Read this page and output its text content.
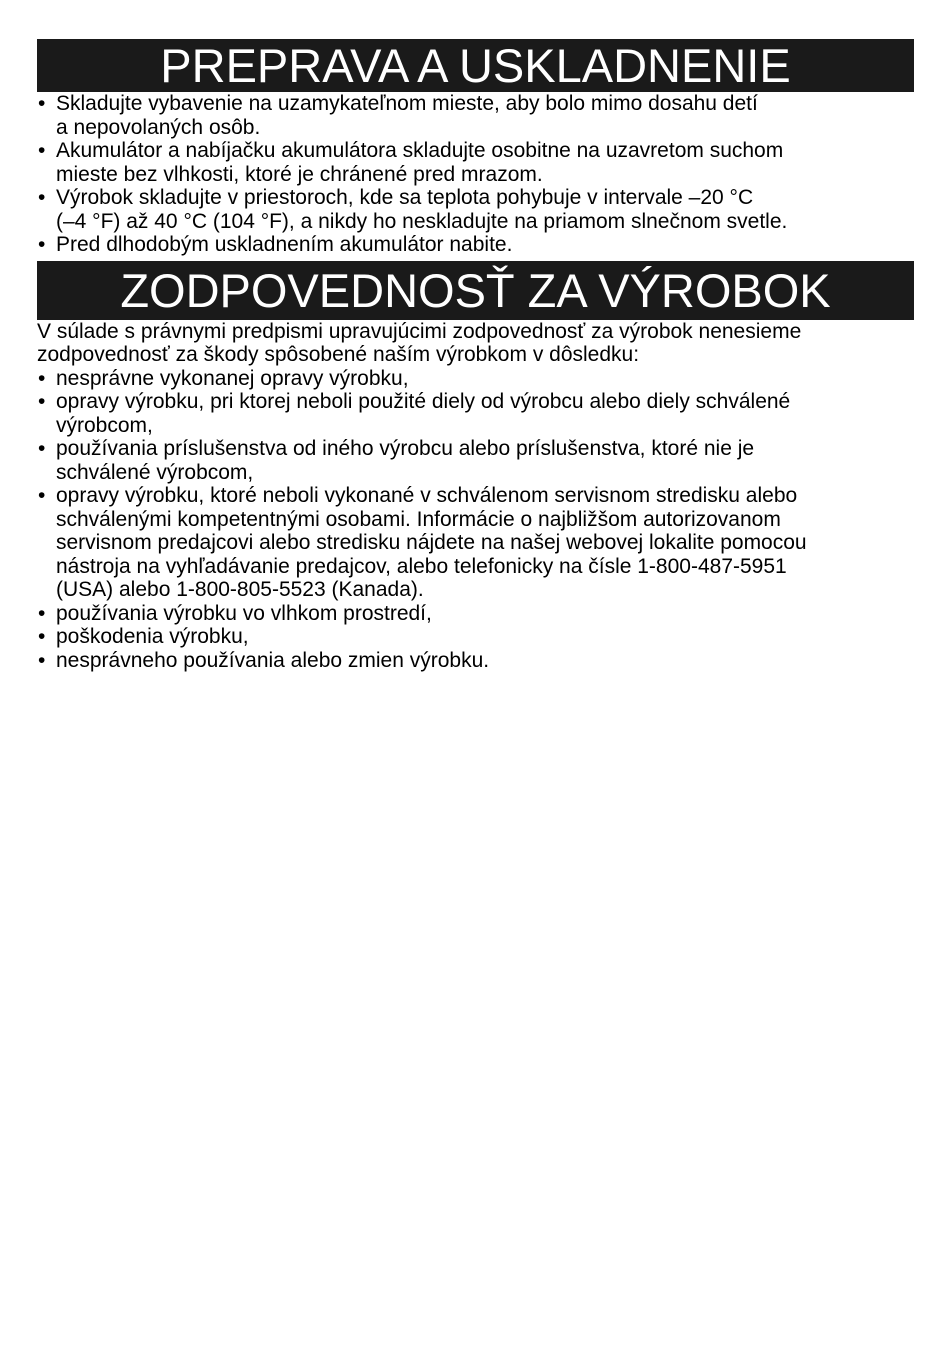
PREPRAVA A USKLADNENIE
• Skladujte vybavenie na uzamykateľnom mieste, aby bolo mimo dosahu detí
a nepovolaných osôb.
• Akumulátor a nabíjačku akumulátora skladujte osobitne na uzavretom suchom
mieste bez vlhkosti, ktoré je chránené pred mrazom.
• Výrobok skladujte v priestoroch, kde sa teplota pohybuje v intervale –20 °C
(–4 °F) až 40 °C (104 °F), a nikdy ho neskladujte na priamom slnečnom svetle.
• Pred dlhodobým uskladnením akumulátor nabite.
ZODPOVEDNOSŤ ZA VÝROBOK

V súlade s právnymi predpismi upravujúcimi zodpovednosť za výrobok nenesieme
zodpovednosť za škody spôsobené naším výrobkom v dôsledku:

• nesprávne vykonanej opravy výrobku,
• opravy výrobku, pri ktorej neboli použité diely od výrobcu alebo diely schválené
výrobcom,
• používania príslušenstva od iného výrobcu alebo príslušenstva, ktoré nie je
schválené výrobcom,
• opravy výrobku, ktoré neboli vykonané v schválenom servisnom stredisku alebo
schválenými kompetentnými osobami. Informácie o najbližšom autorizovanom
servisnom predajcovi alebo stredisku nájdete na našej webovej lokalite pomocou
nástroja na vyhľadávanie predajcov, alebo telefonicky na čísle 1-800-487-5951
(USA) alebo 1-800-805-5523 (Kanada).
• používania výrobku vo vlhkom prostredí,
• poškodenia výrobku,
• nesprávneho používania alebo zmien výrobku.
